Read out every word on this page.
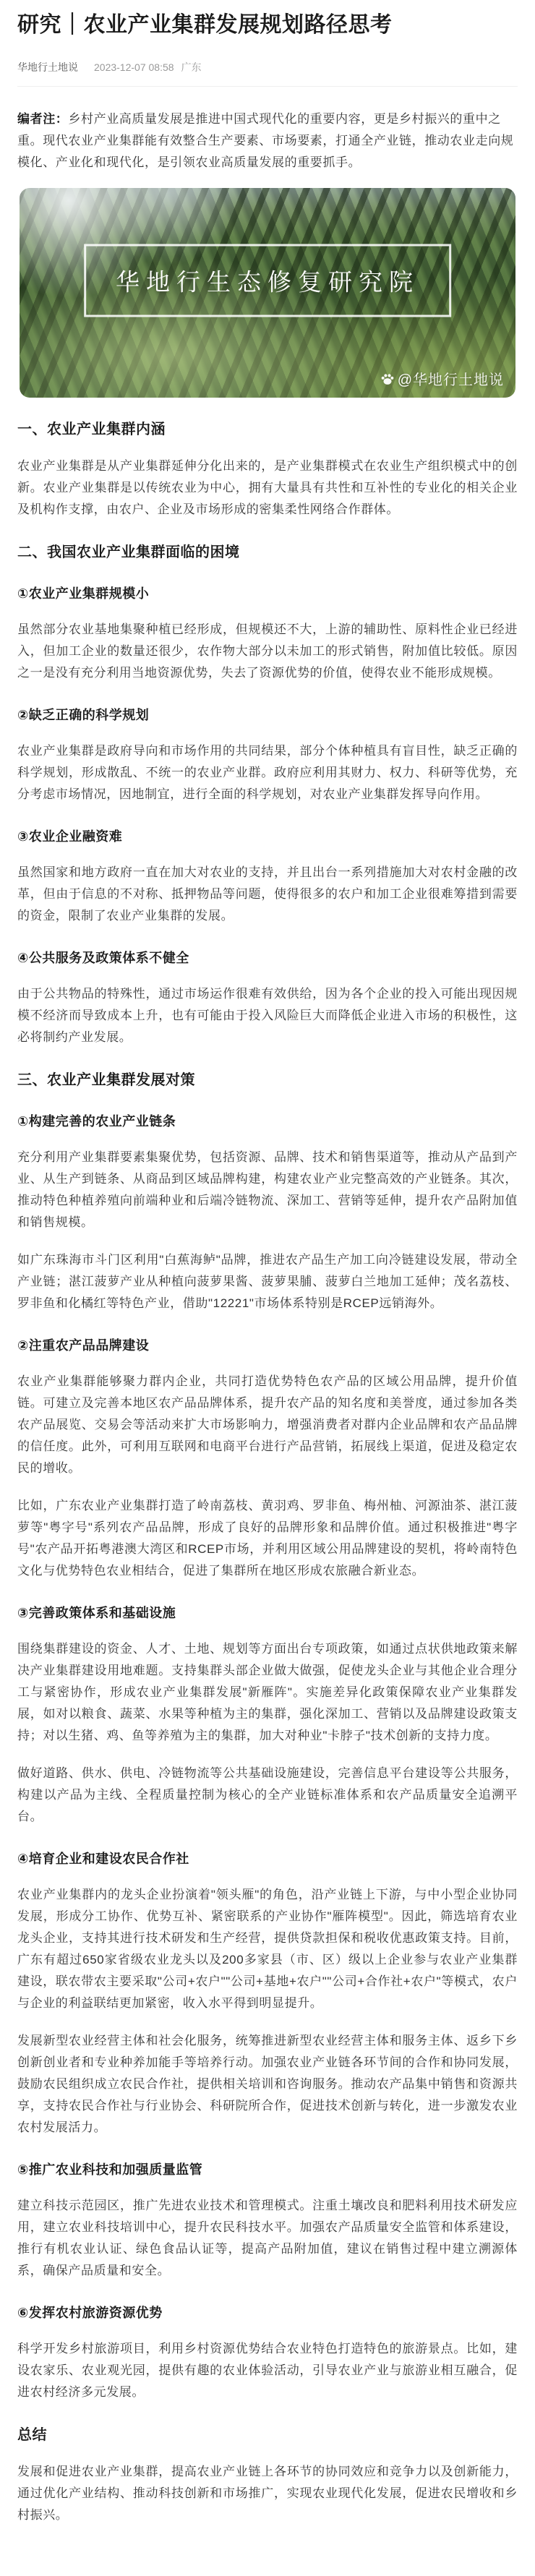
研究｜农业产业集群发展规划路径思考
华地行土地说 2023-12-07 08:58 广东

编者注：乡村产业高质量发展是推进中国式现代化的重要内容，更是乡村振兴的重中之重。现代农业产业集群能有效整合生产要素、市场要素，打通全产业链，推动农业走向规模化、产业化和现代化，是引领农业高质量发展的重要抓手。

华地行生态修复研究院
@华地行土地说
一、农业产业集群内涵

农业产业集群是从产业集群延伸分化出来的，是产业集群模式在农业生产组织模式中的创新。农业产业集群是以传统农业为中心，拥有大量具有共性和互补性的专业化的相关企业及机构作支撑，由农户、企业及市场形成的密集柔性网络合作群体。

二、我国农业产业集群面临的困境
①农业产业集群规模小

虽然部分农业基地集聚种植已经形成，但规模还不大，上游的辅助性、原料性企业已经进入，但加工企业的数量还很少，农作物大部分以未加工的形式销售，附加值比较低。原因之一是没有充分利用当地资源优势，失去了资源优势的价值，使得农业不能形成规模。

②缺乏正确的科学规划

农业产业集群是政府导向和市场作用的共同结果，部分个体种植具有盲目性，缺乏正确的科学规划，形成散乱、不统一的农业产业群。政府应利用其财力、权力、科研等优势，充分考虑市场情况，因地制宜，进行全面的科学规划，对农业产业集群发挥导向作用。

③农业企业融资难

虽然国家和地方政府一直在加大对农业的支持，并且出台一系列措施加大对农村金融的改革，但由于信息的不对称、抵押物品等问题，使得很多的农户和加工企业很难筹措到需要的资金，限制了农业产业集群的发展。

④公共服务及政策体系不健全

由于公共物品的特殊性，通过市场运作很难有效供给，因为各个企业的投入可能出现因规模不经济而导致成本上升，也有可能由于投入风险巨大而降低企业进入市场的积极性，这必将制约产业发展。

三、农业产业集群发展对策
①构建完善的农业产业链条

充分利用产业集群要素集聚优势，包括资源、品牌、技术和销售渠道等，推动从产品到产业、从生产到链条、从商品到区域品牌构建，构建农业产业完整高效的产业链条。其次，推动特色种植养殖向前端种业和后端冷链物流、深加工、营销等延伸，提升农产品附加值和销售规模。

如广东珠海市斗门区利用"白蕉海鲈"品牌，推进农产品生产加工向冷链建设发展，带动全产业链；湛江菠萝产业从种植向菠萝果酱、菠萝果脯、菠萝白兰地加工延伸；茂名荔枝、罗非鱼和化橘红等特色产业，借助"12221"市场体系特别是RCEP远销海外。

②注重农产品品牌建设

农业产业集群能够聚力群内企业，共同打造优势特色农产品的区域公用品牌，提升价值链。可建立及完善本地区农产品品牌体系，提升农产品的知名度和美誉度，通过参加各类农产品展览、交易会等活动来扩大市场影响力，增强消费者对群内企业品牌和农产品品牌的信任度。此外，可利用互联网和电商平台进行产品营销，拓展线上渠道，促进及稳定农民的增收。

比如，广东农业产业集群打造了岭南荔枝、黄羽鸡、罗非鱼、梅州柚、河源油茶、湛江菠萝等"粤字号"系列农产品品牌，形成了良好的品牌形象和品牌价值。通过积极推进"粤字号"农产品开拓粤港澳大湾区和RCEP市场，并利用区域公用品牌建设的契机，将岭南特色文化与优势特色农业相结合，促进了集群所在地区形成农旅融合新业态。

③完善政策体系和基础设施

围绕集群建设的资金、人才、土地、规划等方面出台专项政策，如通过点状供地政策来解决产业集群建设用地难题。支持集群头部企业做大做强，促使龙头企业与其他企业合理分工与紧密协作，形成农业产业集群发展"新雁阵"。实施差异化政策保障农业产业集群发展，如对以粮食、蔬菜、水果等种植为主的集群，强化深加工、营销以及品牌建设政策支持；对以生猪、鸡、鱼等养殖为主的集群，加大对种业"卡脖子"技术创新的支持力度。

做好道路、供水、供电、冷链物流等公共基础设施建设，完善信息平台建设等公共服务，构建以产品为主线、全程质量控制为核心的全产业链标准体系和农产品质量安全追溯平台。

④培育企业和建设农民合作社

农业产业集群内的龙头企业扮演着"领头雁"的角色，沿产业链上下游，与中小型企业协同发展，形成分工协作、优势互补、紧密联系的产业协作"雁阵模型"。因此，筛选培育农业龙头企业，支持其进行技术研发和生产经营，提供贷款担保和税收优惠政策支持。目前，广东有超过650家省级农业龙头以及200多家县（市、区）级以上企业参与农业产业集群建设，联农带农主要采取"公司+农户""公司+基地+农户""公司+合作社+农户"等模式，农户与企业的利益联结更加紧密，收入水平得到明显提升。

发展新型农业经营主体和社会化服务，统筹推进新型农业经营主体和服务主体、返乡下乡创新创业者和专业种养加能手等培养行动。加强农业产业链各环节间的合作和协同发展，鼓励农民组织成立农民合作社，提供相关培训和咨询服务。推动农产品集中销售和资源共享，支持农民合作社与行业协会、科研院所合作，促进技术创新与转化，进一步激发农业农村发展活力。

⑤推广农业科技和加强质量监管

建立科技示范园区，推广先进农业技术和管理模式。注重土壤改良和肥料利用技术研发应用，建立农业科技培训中心，提升农民科技水平。加强农产品质量安全监管和体系建设，推行有机农业认证、绿色食品认证等，提高产品附加值，建议在销售过程中建立溯源体系，确保产品质量和安全。

⑥发挥农村旅游资源优势

科学开发乡村旅游项目，利用乡村资源优势结合农业特色打造特色的旅游景点。比如，建设农家乐、农业观光园，提供有趣的农业体验活动，引导农业产业与旅游业相互融合，促进农村经济多元发展。

总结

发展和促进农业产业集群，提高农业产业链上各环节的协同效应和竞争力以及创新能力，通过优化产业结构、推动科技创新和市场推广，实现农业现代化发展，促进农民增收和乡村振兴。
